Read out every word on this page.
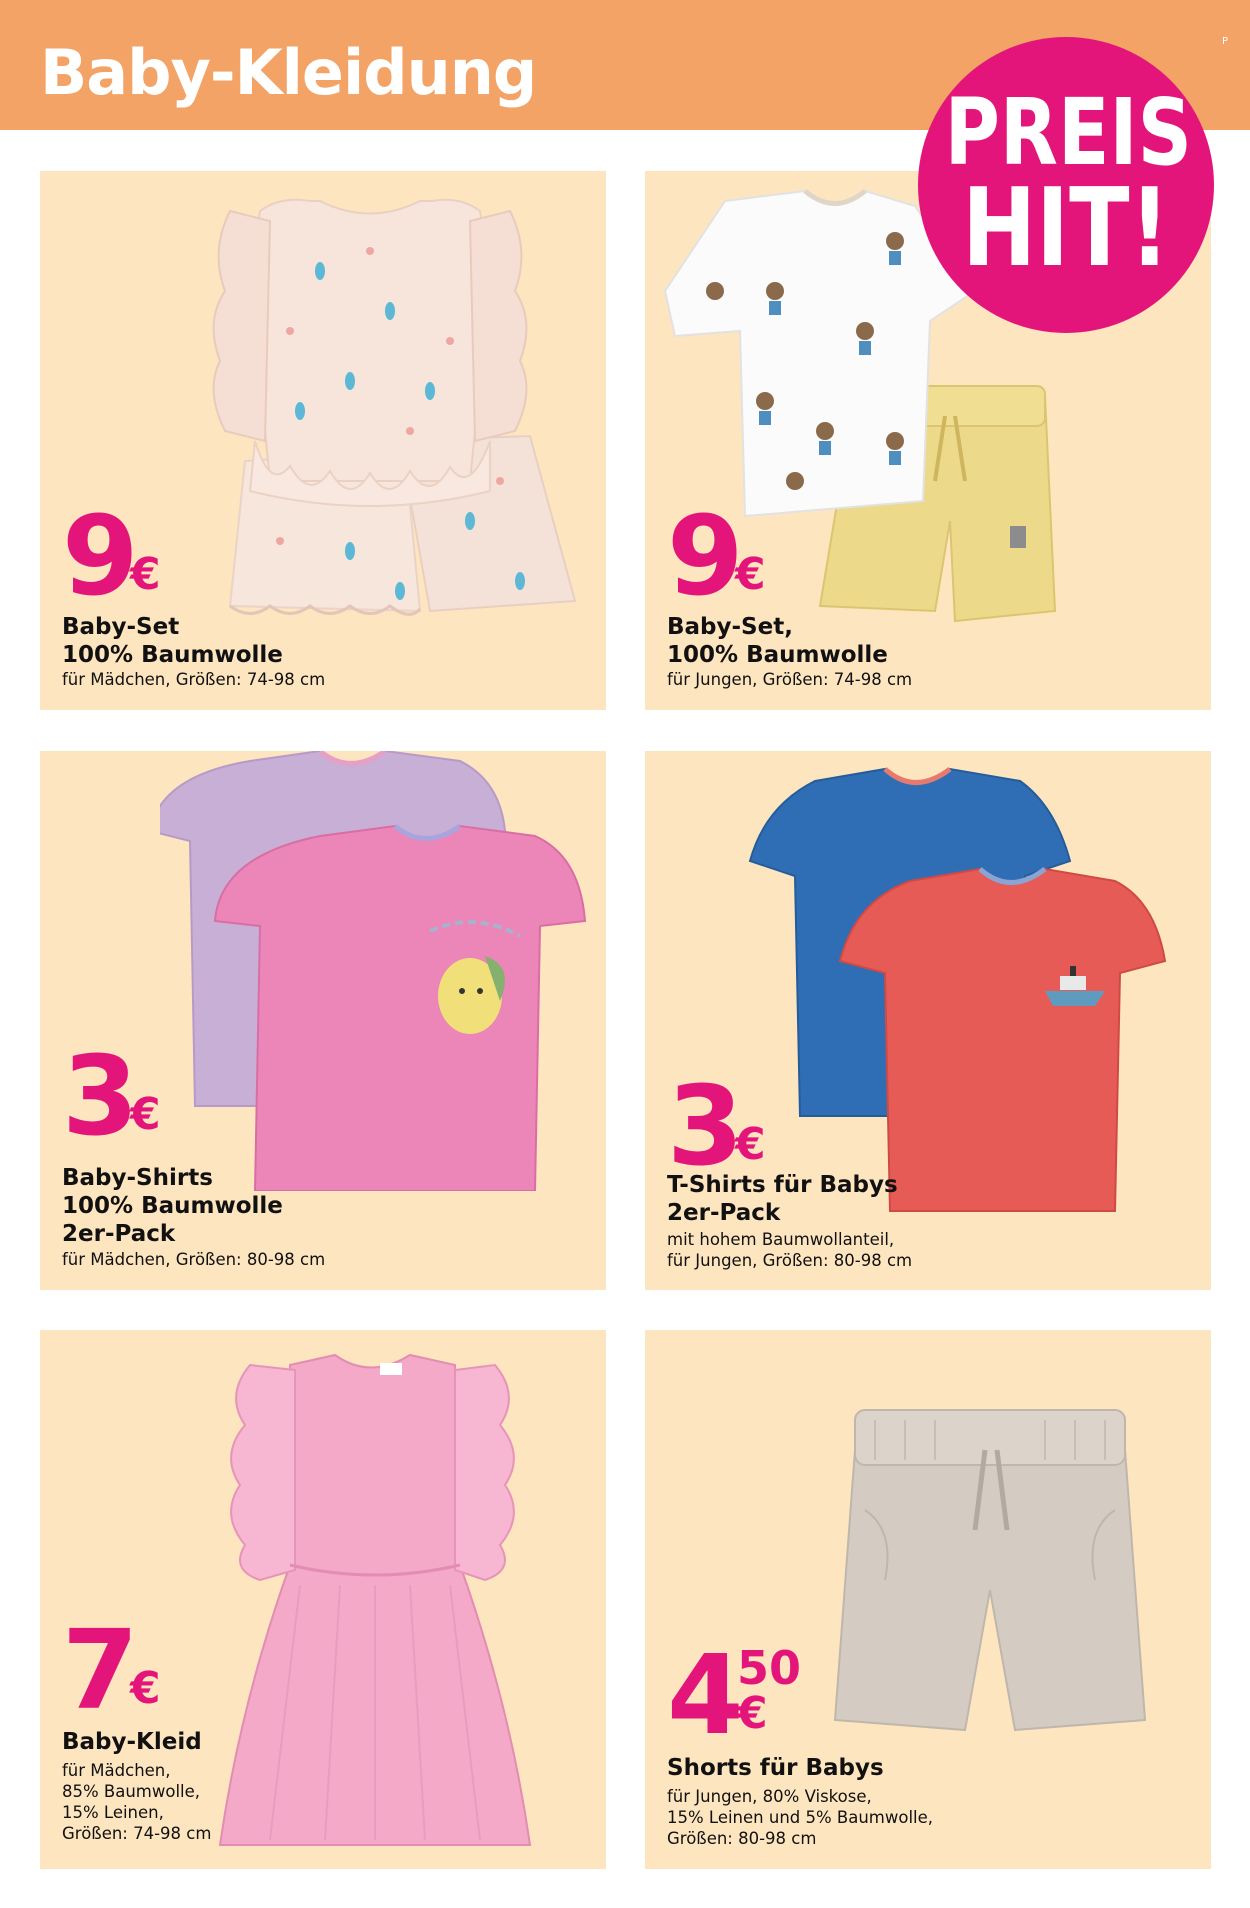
Baby-Kleidung	P
9
€
Baby-Set
100% Baumwolle
für Mädchen, Größen: 74-98 cm
9
€
Baby-Set,
100% Baumwolle
für Jungen, Größen: 74-98 cm
3
€
Baby-Shirts
100% Baumwolle
2er-Pack
für Mädchen, Größen: 80-98 cm
3
€
T-Shirts für Babys
2er-Pack
mit hohem Baumwollanteil,
für Jungen, Größen: 80-98 cm
7
€
Baby-Kleid
für Mädchen,
85% Baumwolle,
15% Leinen,
Größen: 74-98 cm
4
50
€
Shorts für Babys
für Jungen, 80% Viskose,
15% Leinen und 5% Baumwolle,
Größen: 80-98 cm
PREIS
HIT!
